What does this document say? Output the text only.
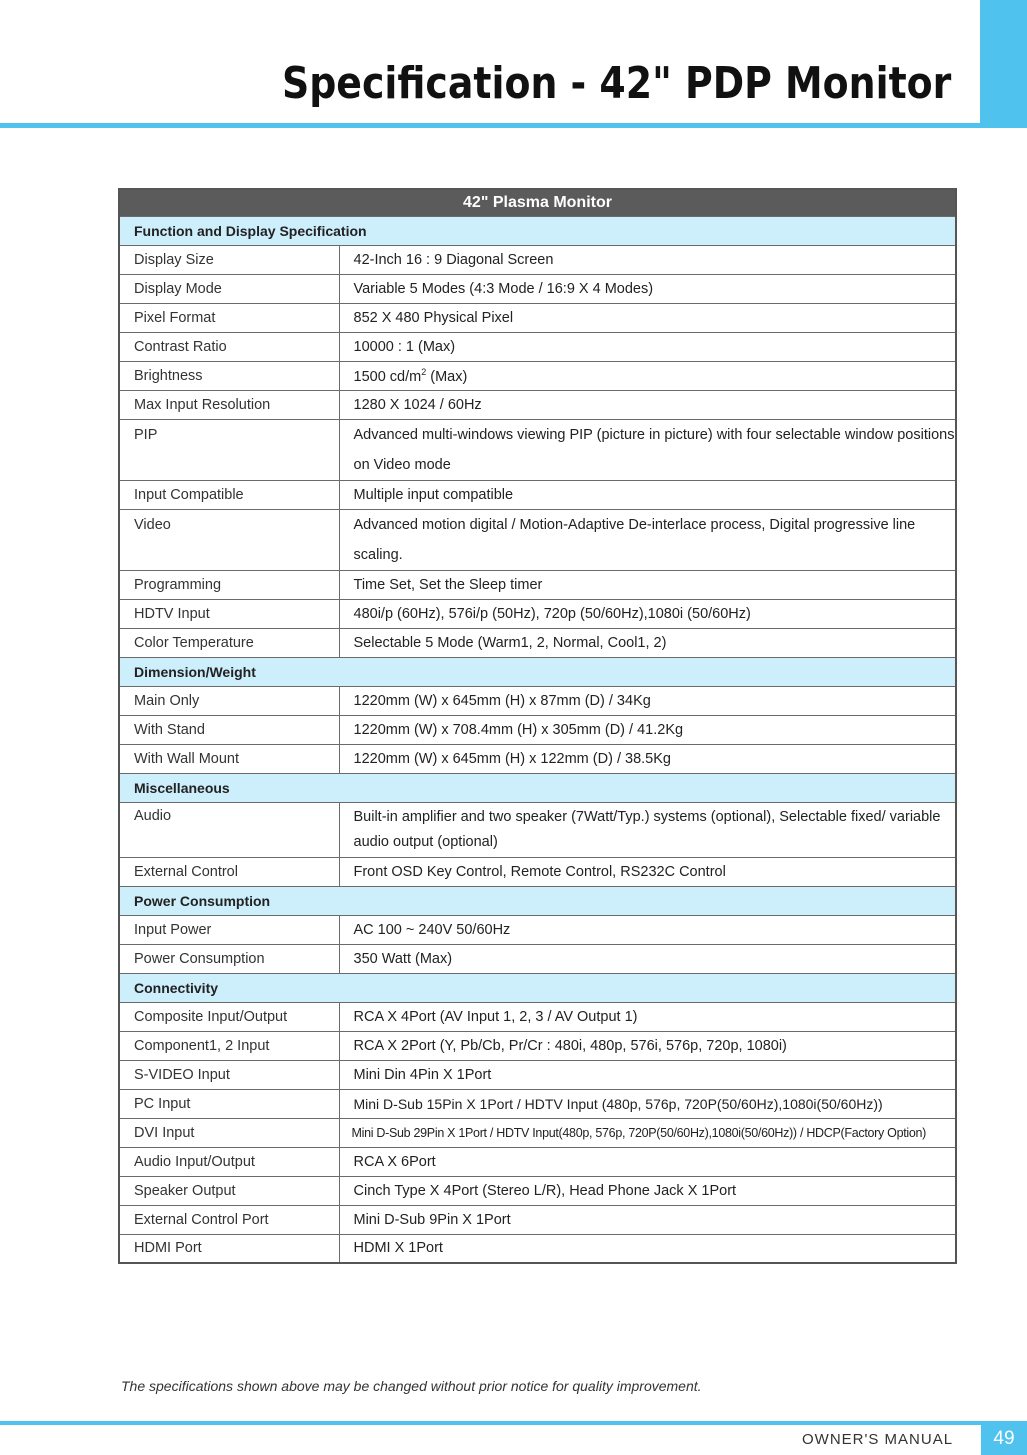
Specification - 42" PDP Monitor
42" Plasma Monitor	
Function and Display Specification	
Display Size	42-Inch 16 : 9 Diagonal Screen
Display Mode	Variable 5 Modes (4:3 Mode / 16:9 X 4 Modes)
Pixel Format	852 X 480 Physical Pixel
Contrast Ratio	10000 : 1 (Max)
Brightness	1500 $cd/m^2$ (Max)
Max Input Resolution	1280 X 1024 / 60Hz
PIP	Advanced multi-windows viewing PIP (picture in picture) with four selectable window positions on Video mode
Input Compatible	Multiple input compatible
Video	Advanced motion digital / Motion-Adaptive De-interlace process, Digital progressive line scaling.
Programming	Time Set, Set the Sleep timer
HDTV Input	480i/p (60Hz), 576i/p (50Hz), 720p (50/60Hz),1080i (50/60Hz)
Color Temperature	Selectable 5 Mode (Warm1, 2, Normal, Cool1, 2)
Dimension/Weight	
Main Only	1220mm (W) x 645mm (H) x 87mm (D) / 34Kg
With Stand	1220mm (W) x 708.4mm (H) x 305mm (D) / 41.2Kg
With Wall Mount	1220mm (W) x 645mm (H) x 122mm (D) / 38.5Kg
Miscellaneous	
Audio	Built-in amplifier and two speaker (7Watt/Typ.) systems (optional), Selectable fixed/ variable audio output (optional)
External Control	Front OSD Key Control, Remote Control, RS232C Control
Power Consumption	
Input Power	AC 100 ~ 240V 50/60Hz
Power Consumption	350 Watt (Max)
Connectivity	
Composite Input/Output	RCA X 4Port (AV Input 1, 2, 3 / AV Output 1)
Component1, 2 Input	RCA X 2Port (Y, Pb/Cb, Pr/Cr : 480i, 480p, 576i, 576p, 720p, 1080i)
S-VIDEO Input	Mini Din 4Pin X 1Port
PC Input	Mini D-Sub 15Pin X 1Port / HDTV Input (480p, 576p, 720P(50/60Hz),1080i(50/60Hz))
DVI Input	Mini D-Sub 29Pin X 1Port / HDTV Input(480p, 576p, 720P(50/60Hz),1080i(50/60Hz)) / HDCP(Factory Option)
Audio Input/Output	RCA X 6Port
Speaker Output	Cinch Type X 4Port (Stereo L/R), Head Phone Jack X 1Port
External Control Port	Mini D-Sub 9Pin X 1Port
HDMI Port	HDMI X 1Port
The specifications shown above may be changed without prior notice for quality improvement.
OWNER'S MANUAL	49
